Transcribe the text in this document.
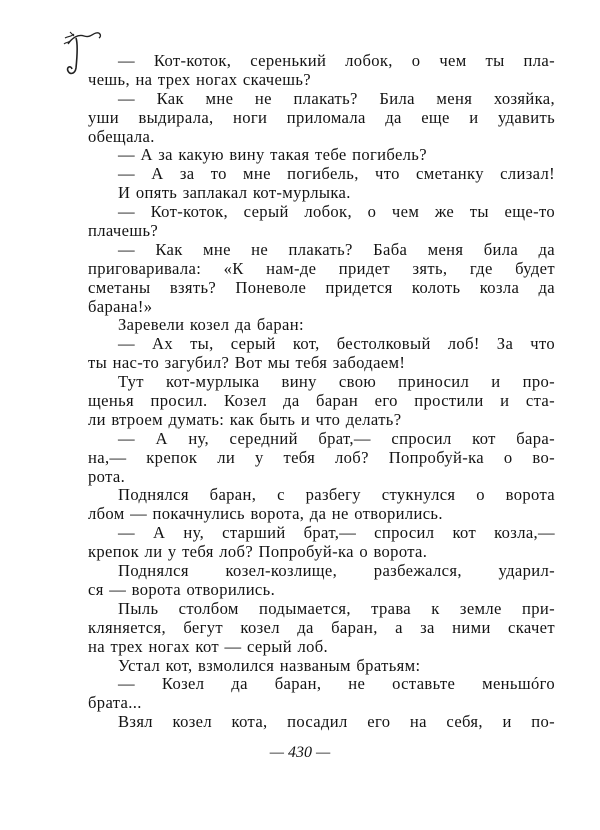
— Кот-коток, серенький лобок, о чем ты пла-
чешь, на трех ногах скачешь?
— Как мне не плакать? Била меня хозяйка,
уши выдирала, ноги приломала да еще и удавить
обещала.
— А за какую вину такая тебе погибель?
— А за то мне погибель, что сметанку слизал!
И опять заплакал кот-мурлыка.
— Кот-коток, серый лобок, о чем же ты еще-то
плачешь?
— Как мне не плакать? Баба меня била да
приговаривала: «К нам-де придет зять, где будет
сметаны взять? Поневоле придется колоть козла да
барана!»
Заревели козел да баран:
— Ах ты, серый кот, бестолковый лоб! За что
ты нас-то загубил? Вот мы тебя забодаем!
Тут кот-мурлыка вину свою приносил и про-
щенья просил. Козел да баран его простили и ста-
ли втроем думать: как быть и что делать?
— А ну, середний брат,— спросил кот бара-
на,— крепок ли у тебя лоб? Попробуй-ка о во-
рота.
Поднялся баран, с разбегу стукнулся о ворота
лбом — покачнулись ворота, да не отворились.
— А ну, старший брат,— спросил кот козла,—
крепок ли у тебя лоб? Попробуй-ка о ворота.
Поднялся козел-козлище, разбежался, ударил-
ся — ворота отворились.
Пыль столбом подымается, трава к земле при-
кляняется, бегут козел да баран, а за ними скачет
на трех ногах кот — серый лоб.
Устал кот, взмолился названым братьям:
— Козел да баран, не оставьте меньшóго
брата...
Взял козел кота, посадил его на себя, и по-
— 430 —
